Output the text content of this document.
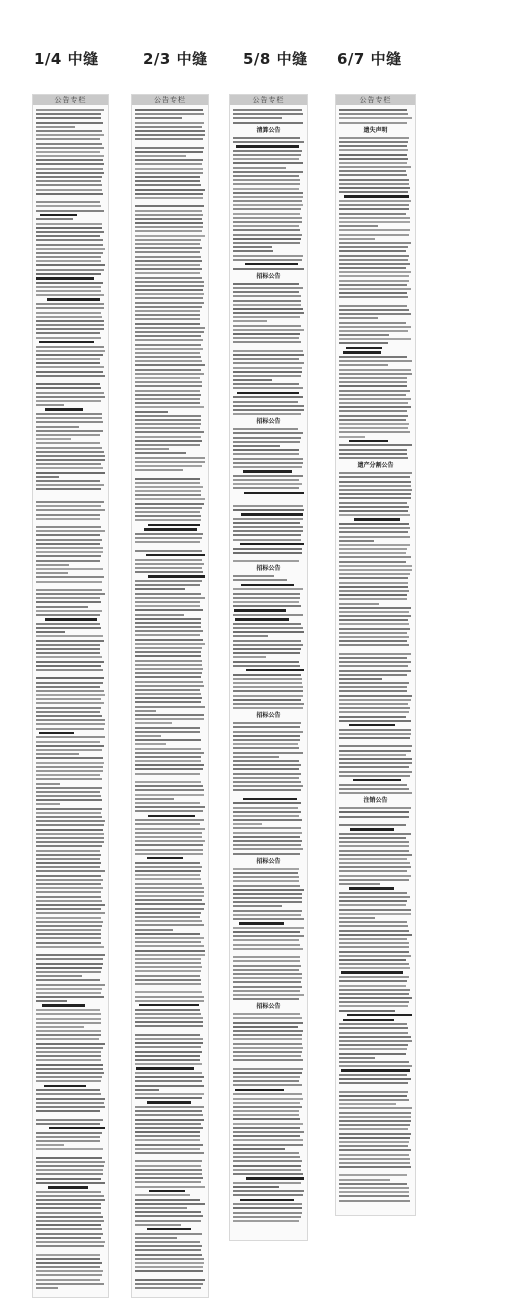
1/4 中缝	2/3 中缝 5/8 中缝 6/7 中缝
公告专栏	公告专栏	公告专栏
清算公告
招标公告
招标公告
招标公告
招标公告
招标公告
招标公告
公告专栏
遗失声明
遗产分割公告
注销公告
